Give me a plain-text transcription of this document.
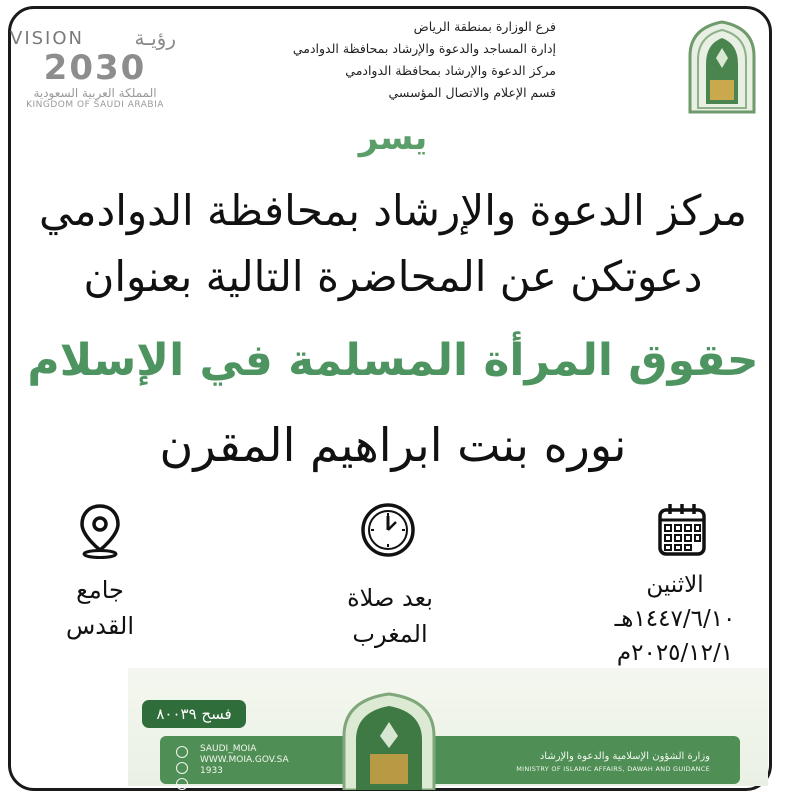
VISION	رؤيـة
2030
المملكة العربية السعودية
KINGDOM OF SAUDI ARABIA
فرع الوزارة بمنطقة الرياض
إدارة المساجد والدعوة والإرشاد بمحافظة الدوادمي
مركز الدعوة والإرشاد بمحافظة الدوادمي
قسم الإعلام والاتصال المؤسسي
يسر
مركز الدعوة والإرشاد بمحافظة الدوادمي
دعوتكن عن المحاضرة التالية بعنوان
حقوق المرأة المسلمة في الإسلام
نوره بنت ابراهيم المقرن
جامع
القدس
بعد صلاة
المغرب
الاثنين
١٤٤٧/٦/١٠هـ
٢٠٢٥/١٢/١م
فسح ٨٠٠٣٩
SAUDI_MOIA
WWW.MOIA.GOV.SA
1933
وزارة الشؤون الإسلامية والدعوة والإرشاد
MINISTRY OF ISLAMIC AFFAIRS, DAWAH AND GUIDANCE
